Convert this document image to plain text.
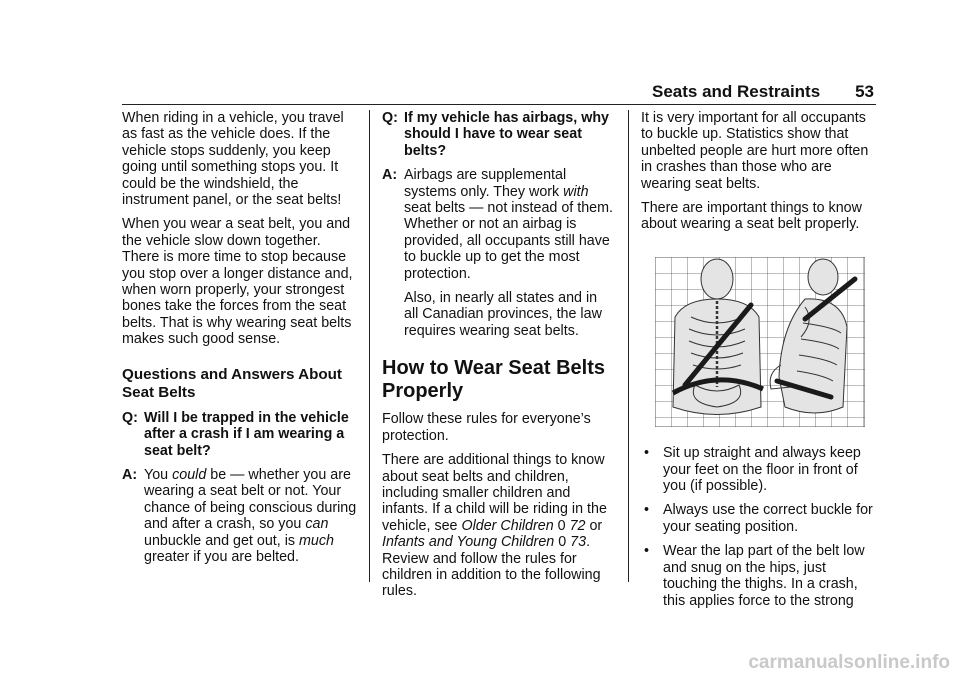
Seats and Restraints 53

When riding in a vehicle, you travel as fast as the vehicle does. If the vehicle stops suddenly, you keep going until something stops you. It could be the windshield, the instrument panel, or the seat belts!

When you wear a seat belt, you and the vehicle slow down together. There is more time to stop because you stop over a longer distance and, when worn properly, your strongest bones take the forces from the seat belts. That is why wearing seat belts makes such good sense.

Questions and Answers About Seat Belts
Q: Will I be trapped in the vehicle after a crash if I am wearing a seat belt?
A: You could be — whether you are wearing a seat belt or not. Your chance of being conscious during and after a crash, so you can unbuckle and get out, is much greater if you are belted.
Q: If my vehicle has airbags, why should I have to wear seat belts?
A: Airbags are supplemental systems only. They work with seat belts — not instead of them. Whether or not an airbag is provided, all occupants still have to buckle up to get the most protection.

Also, in nearly all states and in all Canadian provinces, the law requires wearing seat belts.

How to Wear Seat Belts Properly

Follow these rules for everyone’s protection.

There are additional things to know about seat belts and children, including smaller children and infants. If a child will be riding in the vehicle, see Older Children 0 72 or Infants and Young Children 0 73. Review and follow the rules for children in addition to the following rules.

It is very important for all occupants to buckle up. Statistics show that unbelted people are hurt more often in crashes than those who are wearing seat belts.

There are important things to know about wearing a seat belt properly.

• Sit up straight and always keep your feet on the floor in front of you (if possible).
• Always use the correct buckle for your seating position.
• Wear the lap part of the belt low and snug on the hips, just touching the thighs. In a crash, this applies force to the strong
carmanualsonline.info
